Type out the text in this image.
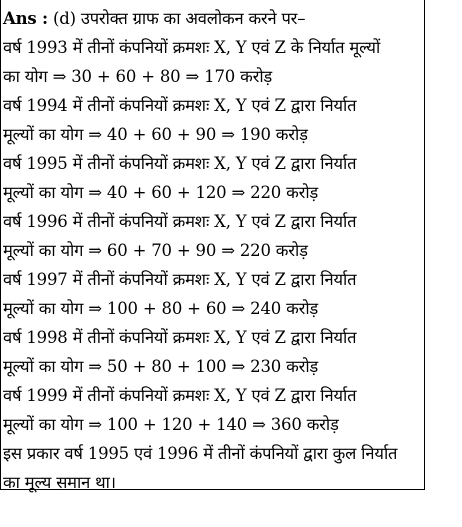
Ans : (d) उपरोक्त ग्राफ का अवलोकन करने पर–
वर्ष 1993 में तीनों कंपनियों क्रमशः X, Y एवं Z के निर्यात मूल्यों
का योग ⇒ 30 + 60 + 80 ⇒ 170 करोड़
वर्ष 1994 में तीनों कंपनियों क्रमशः X, Y एवं Z द्वारा निर्यात
मूल्यों का योग ⇒ 40 + 60 + 90 ⇒ 190 करोड़
वर्ष 1995 में तीनों कंपनियों क्रमशः X, Y एवं Z द्वारा निर्यात
मूल्यों का योग ⇒ 40 + 60 + 120 ⇒ 220 करोड़
वर्ष 1996 में तीनों कंपनियों क्रमशः X, Y एवं Z द्वारा निर्यात
मूल्यों का योग ⇒ 60 + 70 + 90 ⇒ 220 करोड़
वर्ष 1997 में तीनों कंपनियों क्रमशः X, Y एवं Z द्वारा निर्यात
मूल्यों का योग ⇒ 100 + 80 + 60 ⇒ 240 करोड़
वर्ष 1998 में तीनों कंपनियों क्रमशः X, Y एवं Z द्वारा निर्यात
मूल्यों का योग ⇒ 50 + 80 + 100 ⇒ 230 करोड़
वर्ष 1999 में तीनों कंपनियों क्रमशः X, Y एवं Z द्वारा निर्यात
मूल्यों का योग ⇒ 100 + 120 + 140 ⇒ 360 करोड़
इस प्रकार वर्ष 1995 एवं 1996 में तीनों कंपनियों द्वारा कुल निर्यात
का मूल्य समान था।
